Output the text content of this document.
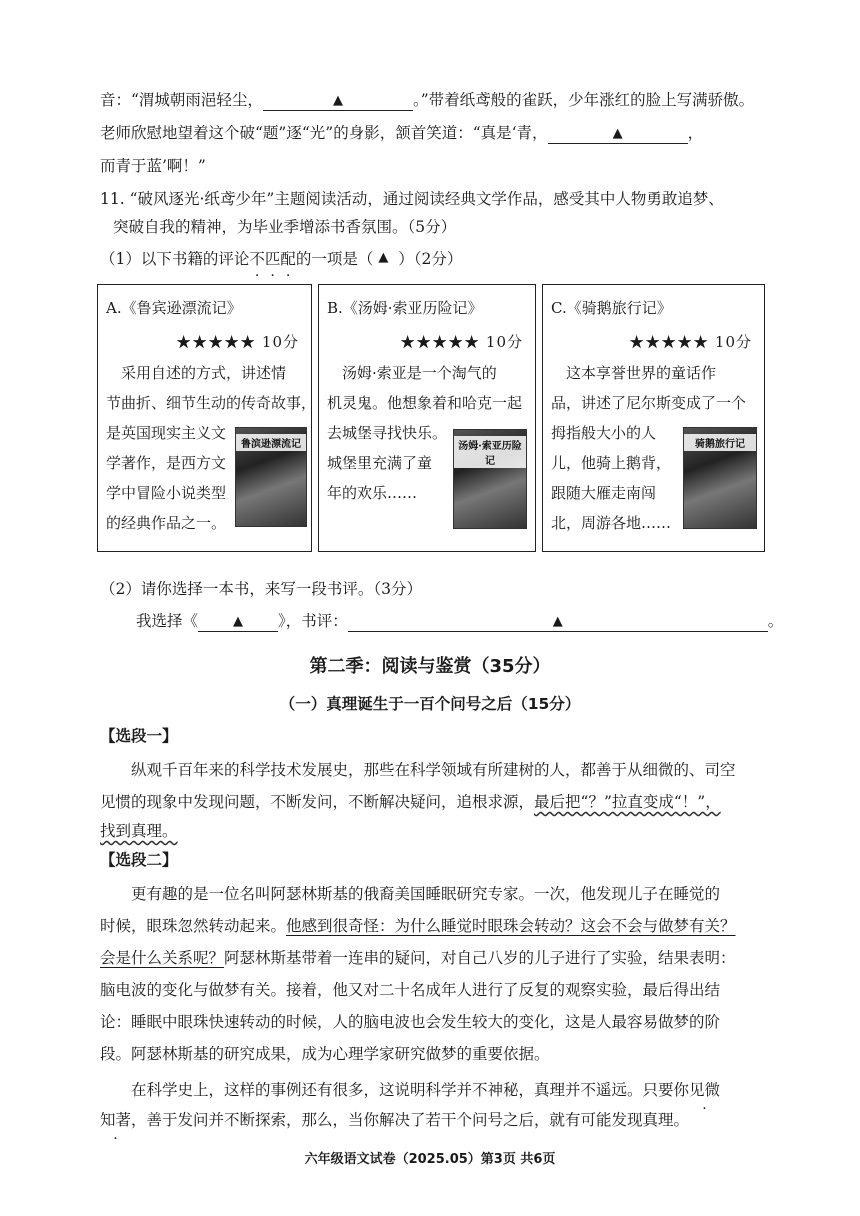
音：“渭城朝雨浥轻尘，	▲	。”带着纸鸢般的雀跃，少年涨红的脸上写满骄傲。
老师欣慰地望着这个破“题”逐“光”的身影，颔首笑道：“真是‘青，	▲	，
而青于蓝’啊！”
11. “破风逐光·纸鸢少年”主题阅读活动，通过阅读经典文学作品，感受其中人物勇敢追梦、
突破自我的精神，为毕业季增添书香氛围。（5分）
（1）以下书籍的评论不匹配的一项是（ ▲ ）（2分）
A.《鲁宾逊漂流记》
★★★★★ 10分
　采用自述的方式，讲述情
节曲折、细节生动的传奇故事，
是英国现实主义文
学著作，是西方文
学中冒险小说类型
的经典作品之一。
鲁滨逊漂流记
B.《汤姆·索亚历险记》
★★★★★ 10分
　汤姆·索亚是一个淘气的
机灵鬼。他想象着和哈克一起
去城堡寻找快乐。
城堡里充满了童
年的欢乐……
汤姆·索亚历险记
C.《骑鹅旅行记》
★★★★★ 10分
　这本享誉世界的童话作
品，讲述了尼尔斯变成了一个
拇指般大小的人
儿，他骑上鹅背，
跟随大雁走南闯
北，周游各地……
骑鹅旅行记
（2）请你选择一本书，来写一段书评。（3分）
我选择《	▲ 》，书评：	▲	。
第二季：阅读与鉴赏（35分）
（一）真理诞生于一百个问号之后（15分）
【选段一】
　　纵观千百年来的科学技术发展史，那些在科学领域有所建树的人，都善于从细微的、司空
见惯的现象中发现问题，不断发问，不断解决疑问，追根求源，最后把“？”拉直变成“！”，
找到真理。
【选段二】
　　更有趣的是一位名叫阿瑟林斯基的俄裔美国睡眠研究专家。一次，他发现儿子在睡觉的
时候，眼珠忽然转动起来。他感到很奇怪：为什么睡觉时眼珠会转动？这会不会与做梦有关？
会是什么关系呢？阿瑟林斯基带着一连串的疑问，对自己八岁的儿子进行了实验，结果表明：
脑电波的变化与做梦有关。接着，他又对二十名成年人进行了反复的观察实验，最后得出结
论：睡眠中眼珠快速转动的时候，人的脑电波也会发生较大的变化，这是人最容易做梦的阶
段。阿瑟林斯基的研究成果，成为心理学家研究做梦的重要依据。
　　在科学史上，这样的事例还有很多，这说明科学并不神秘，真理并不遥远。只要你见微
知著，善于发问并不断探索，那么，当你解决了若干个问号之后，就有可能发现真理。
六年级语文试卷（2025.05）第3页 共6页
